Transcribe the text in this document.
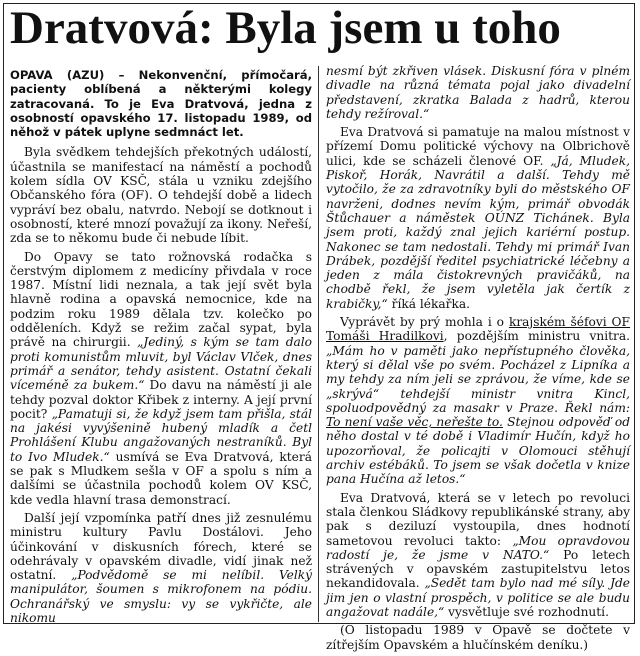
Dratvová: Byla jsem u toho

OPAVA (AZU) – Nekonvenční, přímočará, pacienty oblíbená a některými kolegy zatracovaná. To je Eva Dratvová, jedna z osobností opavského 17. listopadu 1989, od něhož v pátek uplyne sedmnáct let.

Byla svědkem tehdejších překotných událostí, účastnila se manifestací na náměstí a pochodů kolem sídla OV KSČ, stála u vzniku zdejšího Občanského fóra (OF). O tehdejší době a lidech vypráví bez obalu, natvrdo. Nebojí se dotknout i osobností, které mnozí považují za ikony. Neřeší, zda se to někomu bude či nebude líbit.

Do Opavy se tato rožnovská rodačka s čerstvým diplomem z medicíny přivdala v roce 1987. Místní lidi neznala, a tak její svět byla hlavně rodina a opavská nemocnice, kde na podzim roku 1989 dělala tzv. kolečko po odděleních. Když se režim začal sypat, byla právě na chirurgii. „Jediný, s kým se tam dalo proti komunistům mluvit, byl Václav Vlček, dnes primář a senátor, tehdy asistent. Ostatní čekali víceméně za bukem.“ Do davu na náměstí ji ale tehdy pozval doktor Křibek z interny. A její první pocit? „Pamatuji si, že když jsem tam přišla, stál na jakési vyvýšenině hubený mladík a četl Prohlášení Klubu angažovaných nestraníků. Byl to Ivo Mludek.“ usmívá se Eva Dratvová, která se pak s Mludkem sešla v OF a spolu s ním a dalšími se účastnila pochodů kolem OV KSČ, kde vedla hlavní trasa demonstrací.

Další její vzpomínka patří dnes již zesnulému ministru kultury Pavlu Dostálovi. Jeho účinkování v diskusních fórech, které se odehrávaly v opavském divadle, vidí jinak než ostatní. „Podvědomě se mi nelíbil. Velký manipulátor, šoumen s mikrofonem na pódiu. Ochranářský ve smyslu: vy se vykřičte, ale nikomu

nesmí být zkřiven vlásek. Diskusní fóra v plném divadle na různá témata pojal jako divadelní představení, zkratka Balada z hadrů, kterou tehdy režíroval.“

Eva Dratvová si pamatuje na malou místnost v přízemí Domu politické výchovy na Olbrichově ulici, kde se scházeli členové OF. „Já, Mludek, Piskoř, Horák, Navrátil a další. Tehdy mě vytočilo, že za zdravotníky byli do městského OF navrženi, dodnes nevím kým, primář obvodák Štůchauer a náměstek OÚNZ Tichánek. Byla jsem proti, každý znal jejich kariérní postup. Nakonec se tam nedostali. Tehdy mi primář Ivan Drábek, pozdější ředitel psychiatrické léčebny a jeden z mála čistokrevných pravičáků, na chodbě řekl, že jsem vyletěla jak čertík z krabičky,“ říká lékařka.

Vyprávět by prý mohla i o krajském šéfovi OF Tomáši Hradilkovi, pozdějším ministru vnitra. „Mám ho v paměti jako nepřístupného člověka, který si dělal vše po svém. Pocházel z Lipníka a my tehdy za ním jeli se zprávou, že víme, kde se „skrývá“ tehdejší ministr vnitra Kincl, spoluodpovědný za masakr v Praze. Řekl nám: To není vaše věc, neřešte to. Stejnou odpověď od něho dostal v té době i Vladimír Hučín, když ho upozorňoval, že policajti v Olomouci stěhují archiv estébáků. To jsem se však dočetla v knize pana Hučína až letos.“

Eva Dratvová, která se v letech po revoluci stala členkou Sládkovy republikánské strany, aby pak s deziluzí vystoupila, dnes hodnotí sametovou revoluci takto: „Mou opravdovou radostí je, že jsme v NATO.“ Po letech strávených v opavském zastupitelstvu letos nekandidovala. „Sedět tam bylo nad mé síly. Jde jim jen o vlastní prospěch, v politice se ale budu angažovat nadále,“ vysvětluje své rozhodnutí.

(O listopadu 1989 v Opavě se dočtete v zítřejším Opavském a hlučínském deníku.)
